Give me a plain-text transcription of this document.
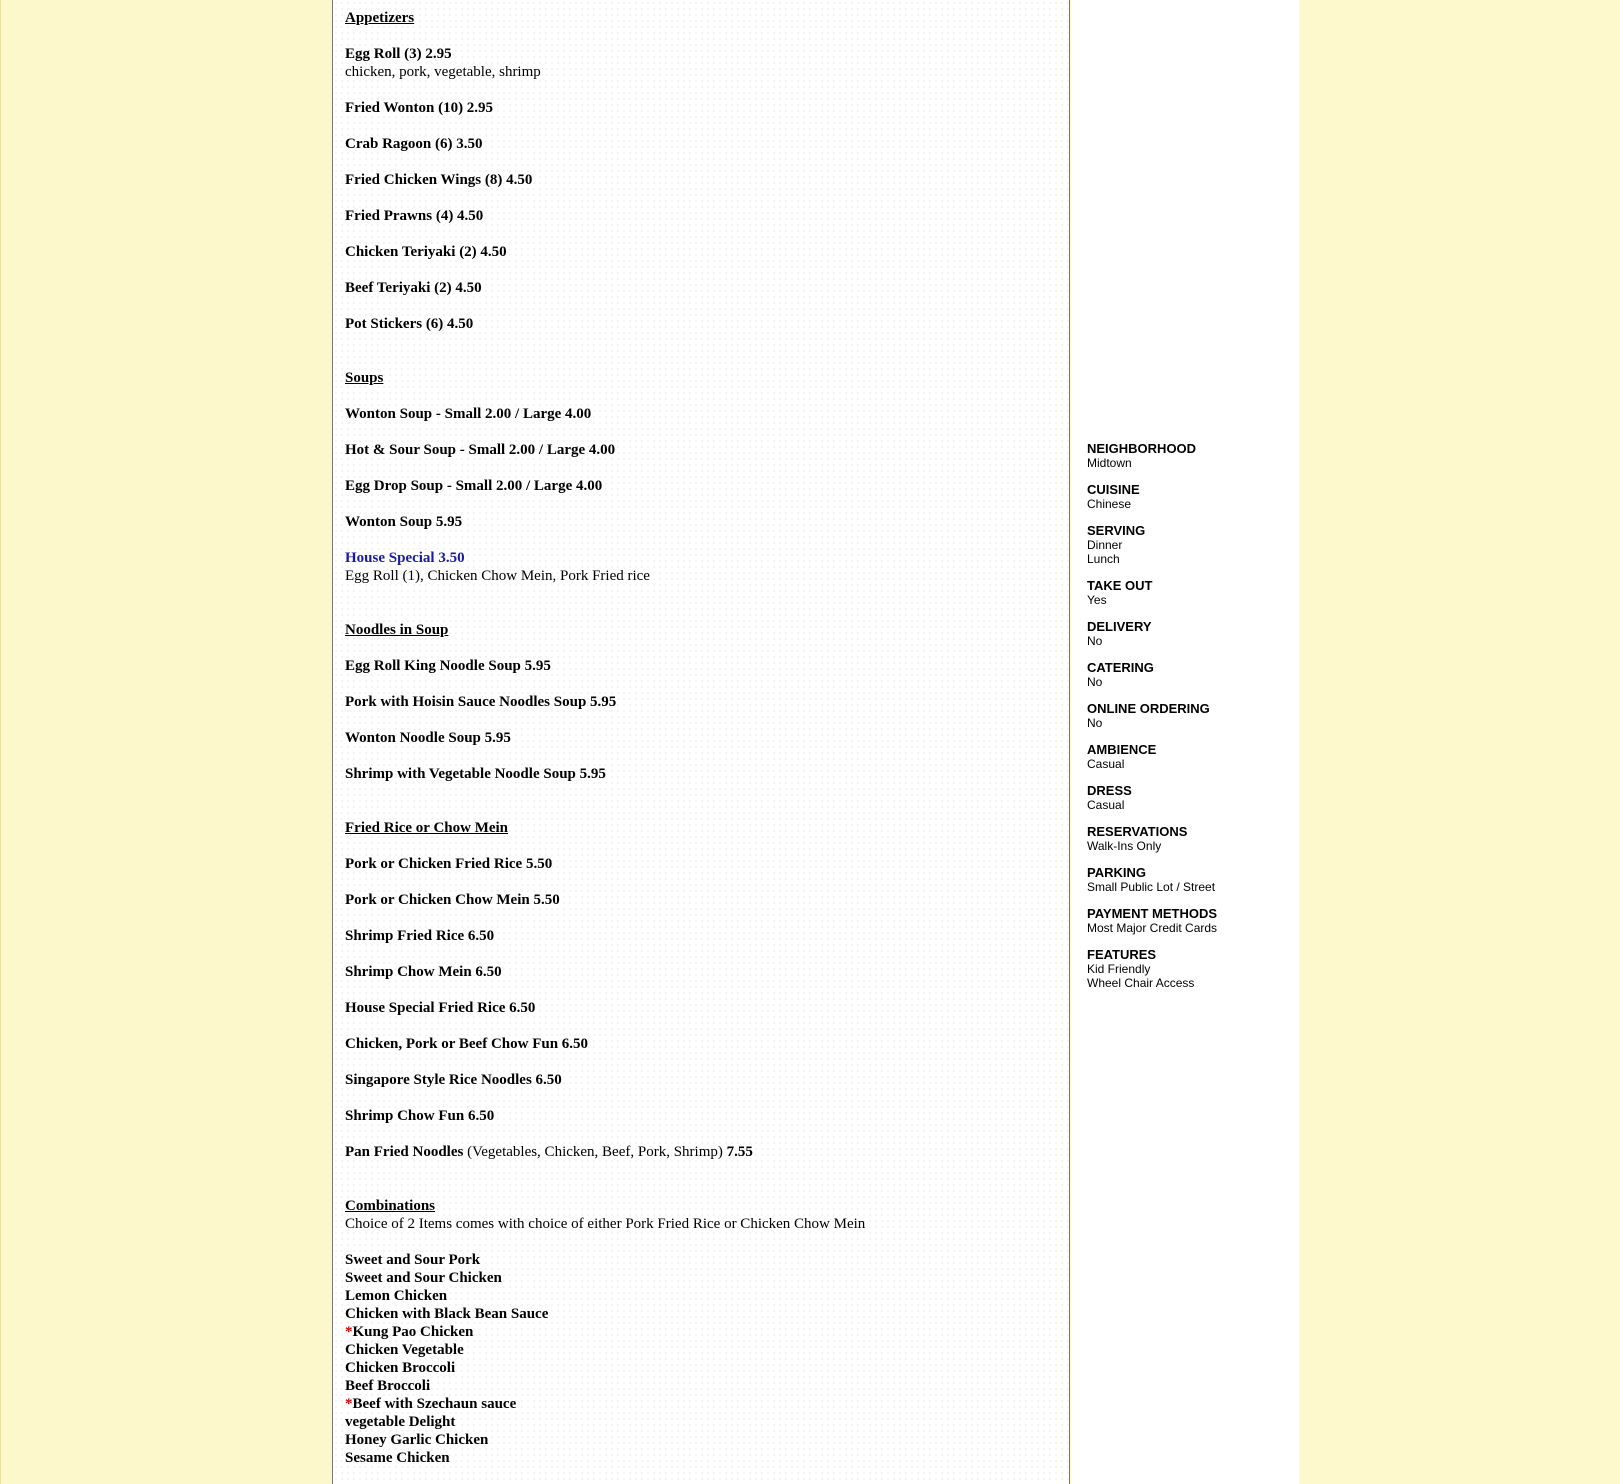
Appetizers
Egg Roll (3) 2.95
chicken, pork, vegetable, shrimp
Fried Wonton (10) 2.95
Crab Ragoon (6) 3.50
Fried Chicken Wings (8) 4.50
Fried Prawns (4) 4.50
Chicken Teriyaki (2) 4.50
Beef Teriyaki (2) 4.50
Pot Stickers (6) 4.50
Soups
Wonton Soup - Small 2.00 / Large 4.00
Hot & Sour Soup - Small 2.00 / Large 4.00
Egg Drop Soup - Small 2.00 / Large 4.00
Wonton Soup 5.95
House Special 3.50
Egg Roll (1), Chicken Chow Mein, Pork Fried rice
Noodles in Soup
Egg Roll King Noodle Soup 5.95
Pork with Hoisin Sauce Noodles Soup 5.95
Wonton Noodle Soup 5.95
Shrimp with Vegetable Noodle Soup 5.95
Fried Rice or Chow Mein
Pork or Chicken Fried Rice 5.50
Pork or Chicken Chow Mein 5.50
Shrimp Fried Rice 6.50
Shrimp Chow Mein 6.50
House Special Fried Rice 6.50
Chicken, Pork or Beef Chow Fun 6.50
Singapore Style Rice Noodles 6.50
Shrimp Chow Fun 6.50
Pan Fried Noodles (Vegetables, Chicken, Beef, Pork, Shrimp) 7.55
Combinations
Choice of 2 Items comes with choice of either Pork Fried Rice or Chicken Chow Mein
Sweet and Sour Pork
Sweet and Sour Chicken
Lemon Chicken
Chicken with Black Bean Sauce
*Kung Pao Chicken
Chicken Vegetable
Chicken Broccoli
Beef Broccoli
*Beef with Szechaun sauce
vegetable Delight
Honey Garlic Chicken
Sesame Chicken
NEIGHBORHOOD
Midtown
CUISINE
Chinese
SERVING
Dinner
Lunch
TAKE OUT
Yes
DELIVERY
No
CATERING
No
ONLINE ORDERING
No
AMBIENCE
Casual
DRESS
Casual
RESERVATIONS
Walk-Ins Only
PARKING
Small Public Lot / Street
PAYMENT METHODS
Most Major Credit Cards
FEATURES
Kid Friendly
Wheel Chair Access
